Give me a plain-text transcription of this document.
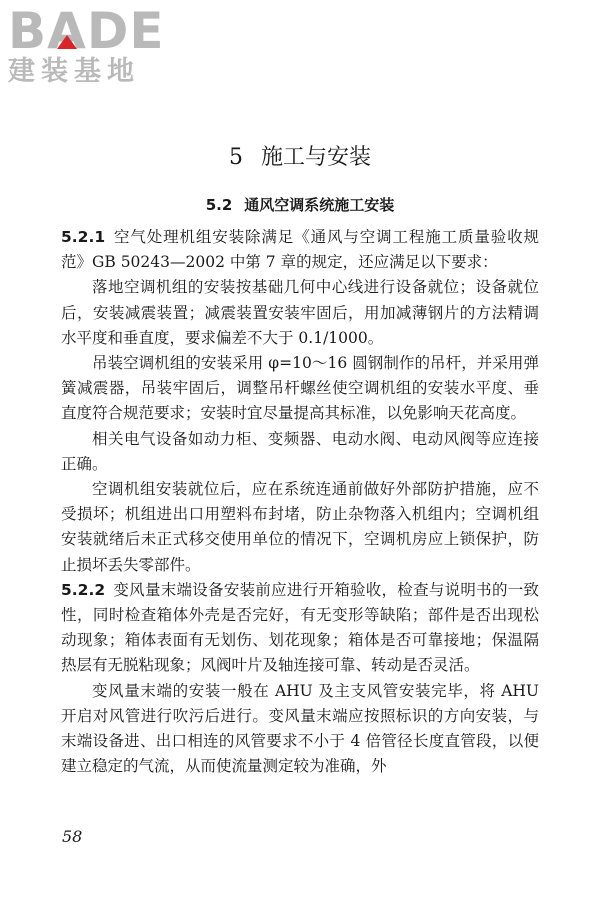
B A DE
建装基地
5 施工与安装
5.2 通风空调系统施工安装

5.2.1 空气处理机组安装除满足《通风与空调工程施工质量验收规范》GB 50243—2002 中第 7 章的规定，还应满足以下要求：

落地空调机组的安装按基础几何中心线进行设备就位；设备就位后，安装减震装置；减震装置安装牢固后，用加减薄钢片的方法精调水平度和垂直度，要求偏差不大于 0.1/1000。

吊装空调机组的安装采用 φ=10～16 圆钢制作的吊杆，并采用弹簧减震器，吊装牢固后，调整吊杆螺丝使空调机组的安装水平度、垂直度符合规范要求；安装时宜尽量提高其标准，以免影响天花高度。

相关电气设备如动力柜、变频器、电动水阀、电动风阀等应连接正确。

空调机组安装就位后，应在系统连通前做好外部防护措施，应不受损坏；机组进出口用塑料布封堵，防止杂物落入机组内；空调机组安装就绪后未正式移交使用单位的情况下，空调机房应上锁保护，防止损坏丢失零部件。

5.2.2 变风量末端设备安装前应进行开箱验收，检查与说明书的一致性，同时检查箱体外壳是否完好，有无变形等缺陷；部件是否出现松动现象；箱体表面有无划伤、划花现象；箱体是否可靠接地；保温隔热层有无脱粘现象；风阀叶片及轴连接可靠、转动是否灵活。

变风量末端的安装一般在 AHU 及主支风管安装完毕，将 AHU 开启对风管进行吹污后进行。变风量末端应按照标识的方向安装，与末端设备进、出口相连的风管要求不小于 4 倍管径长度直管段，以便建立稳定的气流，从而使流量测定较为准确，外

58
